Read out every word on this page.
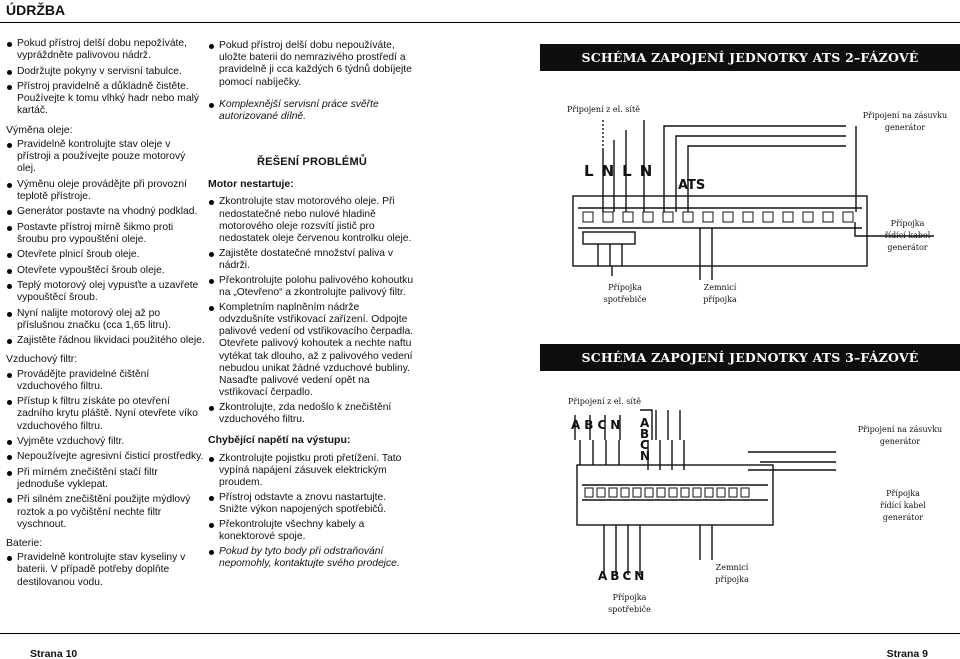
ÚDRŽBA
Pokud přístroj delší dobu nepožíváte, vypráždněte palivovou nádrž.
Dodržujte pokyny v servisní tabulce.
Přístroj pravidelně a důkladně čistěte. Používejte k tomu vlhký hadr nebo malý kartáč.
Výměna oleje:
Pravidelně kontrolujte stav oleje v přístroji a používejte pouze motorový olej.
Výměnu oleje provádějte při provozní teplotě přístroje.
Generátor postavte na vhodný podklad.
Postavte přístroj mírně šikmo proti šroubu pro vypouštění oleje.
Otevřete plnicí šroub oleje.
Otevřete vypouštěcí šroub oleje.
Teplý motorový olej vypusťte a uzavřete vypouštěcí šroub.
Nyní nalijte motorový olej až po příslušnou značku (cca 1,65 litru).
Zajistěte řádnou likvidaci použitého oleje.
Vzduchový filtr:
Provádějte pravidelné čištění vzduchového filtru.
Přístup k filtru získáte po otevření zadního krytu pláště. Nyní otevřete víko vzduchového filtru.
Vyjměte vzduchový filtr.
Nepoužívejte agresivní čisticí prostředky.
Při mírném znečištění stačí filtr jednoduše vyklepat.
Při silném znečištění použijte mýdlový roztok a po vyčištění nechte filtr vyschnout.
Baterie:
Pravidelně kontrolujte stav kyseliny v baterii. V případě potřeby doplňte destilovanou vodu.
Pokud přístroj delší dobu nepoužíváte, uložte baterii do nemrazivého prostředí a pravidelně ji cca každých 6 týdnů dobíjejte pomocí nabíječky.
Komplexnější servisní práce svěřte autorizované dílně.
ŘEŠENÍ PROBLÉMŮ
Motor nestartuje:
Zkontrolujte stav motorového oleje. Při nedostatečné nebo nulové hladině motorového oleje rozsvítí jistič pro nedostatek oleje červenou kontrolku oleje.
Zajistěte dostatečné množství paliva v nádrži.
Překontrolujte polohu palivového kohoutku na „Otevřeno“ a zkontrolujte palivový filtr.
Kompletním naplněním nádrže odvzdušníte vstřikovací zařízení. Odpojte palivové vedení od vstřikovacího čerpadla. Otevřete palivový kohoutek a nechte naftu vytékat tak dlouho, až z palivového vedení nebudou unikat žádné vzduchové bubliny. Nasaďte palivové vedení opět na vstřikovací čerpadlo.
Zkontrolujte, zda nedošlo k znečištění vzduchového filtru.
Chybějící napětí na výstupu:
Zkontrolujte pojistku proti přetížení. Tato vypíná napájení zásuvek elektrickým proudem.
Přístroj odstavte a znovu nastartujte. Snižte výkon napojených spotřebičů.
Překontrolujte všechny kabely a konektorové spoje.
Pokud by tyto body při odstraňování nepomohly, kontaktujte svého prodejce.
SCHÉMA ZAPOJENÍ JEDNOTKY ATS 2–FÁZOVÉ
SCHÉMA ZAPOJENÍ JEDNOTKY ATS 3–FÁZOVÉ
Připojení z el. sítě
Připojení na zásuvku
generátor
LNLN
ATS
Přípojka
řídící kabel
generátor
Přípojka
spotřebiče
Zemnicí
přípojka
Připojení z el. sítě
Připojení na zásuvku
generátor
ABCN A
B
C
N
Přípojka
řídící kabel
generátor
ABCN
Přípojka
spotřebiče
Zemnicí
přípojka
Strana 10	Strana 9
